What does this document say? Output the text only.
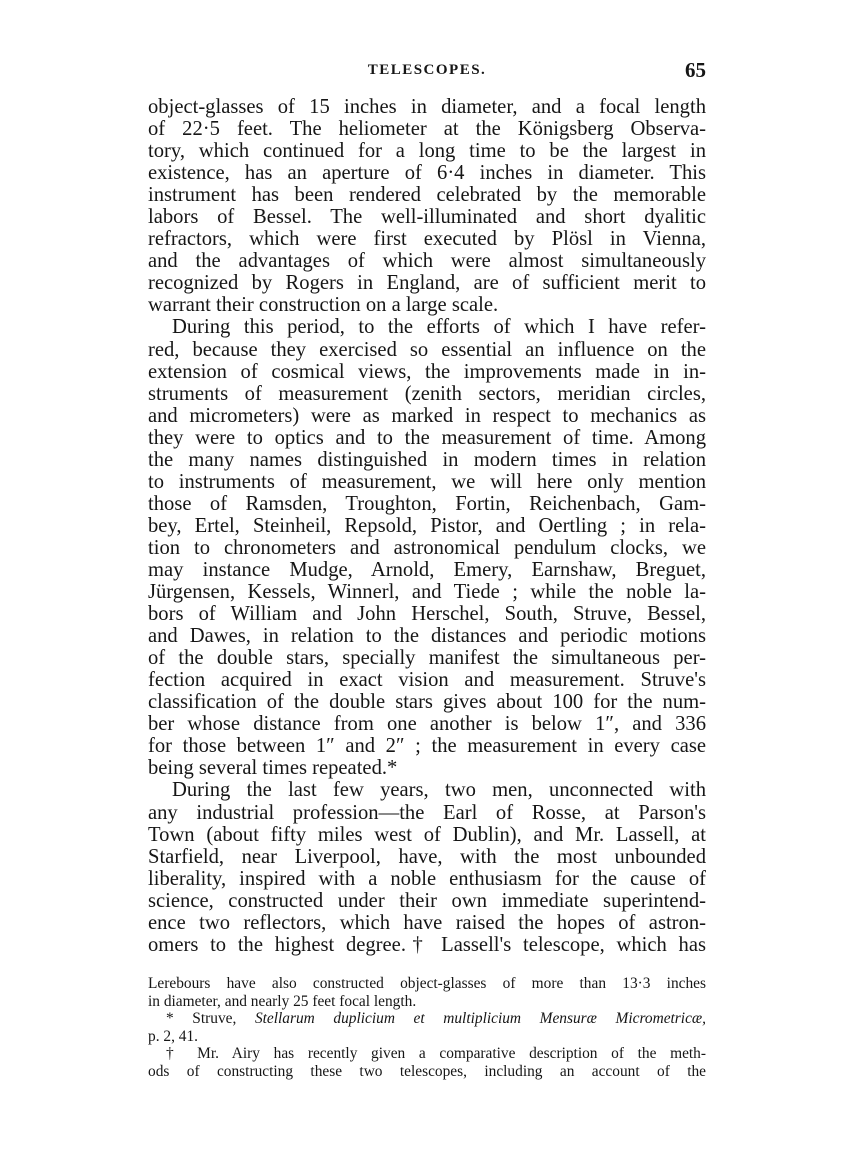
TELESCOPES.	65

object-glasses of 15 inches in diameter, and a focal length
of 22·5 feet. The heliometer at the Königsberg Observa-
tory, which continued for a long time to be the largest in
existence, has an aperture of 6·4 inches in diameter. This
instrument has been rendered celebrated by the memorable
labors of Bessel. The well-illuminated and short dyalitic
refractors, which were first executed by Plösl in Vienna,
and the advantages of which were almost simultaneously
recognized by Rogers in England, are of sufficient merit to
warrant their construction on a large scale.

During this period, to the efforts of which I have refer-
red, because they exercised so essential an influence on the
extension of cosmical views, the improvements made in in-
struments of measurement (zenith sectors, meridian circles,
and micrometers) were as marked in respect to mechanics as
they were to optics and to the measurement of time. Among
the many names distinguished in modern times in relation
to instruments of measurement, we will here only mention
those of Ramsden, Troughton, Fortin, Reichenbach, Gam-
bey, Ertel, Steinheil, Repsold, Pistor, and Oertling ; in rela-
tion to chronometers and astronomical pendulum clocks, we
may instance Mudge, Arnold, Emery, Earnshaw, Breguet,
Jürgensen, Kessels, Winnerl, and Tiede ; while the noble la-
bors of William and John Herschel, South, Struve, Bessel,
and Dawes, in relation to the distances and periodic motions
of the double stars, specially manifest the simultaneous per-
fection acquired in exact vision and measurement. Struve's
classification of the double stars gives about 100 for the num-
ber whose distance from one another is below 1″, and 336
for those between 1″ and 2″ ; the measurement in every case
being several times repeated.*

During the last few years, two men, unconnected with
any industrial profession—the Earl of Rosse, at Parson's
Town (about fifty miles west of Dublin), and Mr. Lassell, at
Starfield, near Liverpool, have, with the most unbounded
liberality, inspired with a noble enthusiasm for the cause of
science, constructed under their own immediate superintend-
ence two reflectors, which have raised the hopes of astron-
omers to the highest degree.† Lassell's telescope, which has

Lerebours have also constructed object-glasses of more than 13·3 inches
in diameter, and nearly 25 feet focal length.
* Struve, Stellarum duplicium et multiplicium Mensuræ Micrometricæ,
p. 2, 41.
† Mr. Airy has recently given a comparative description of the meth-
ods of constructing these two telescopes, including an account of the
